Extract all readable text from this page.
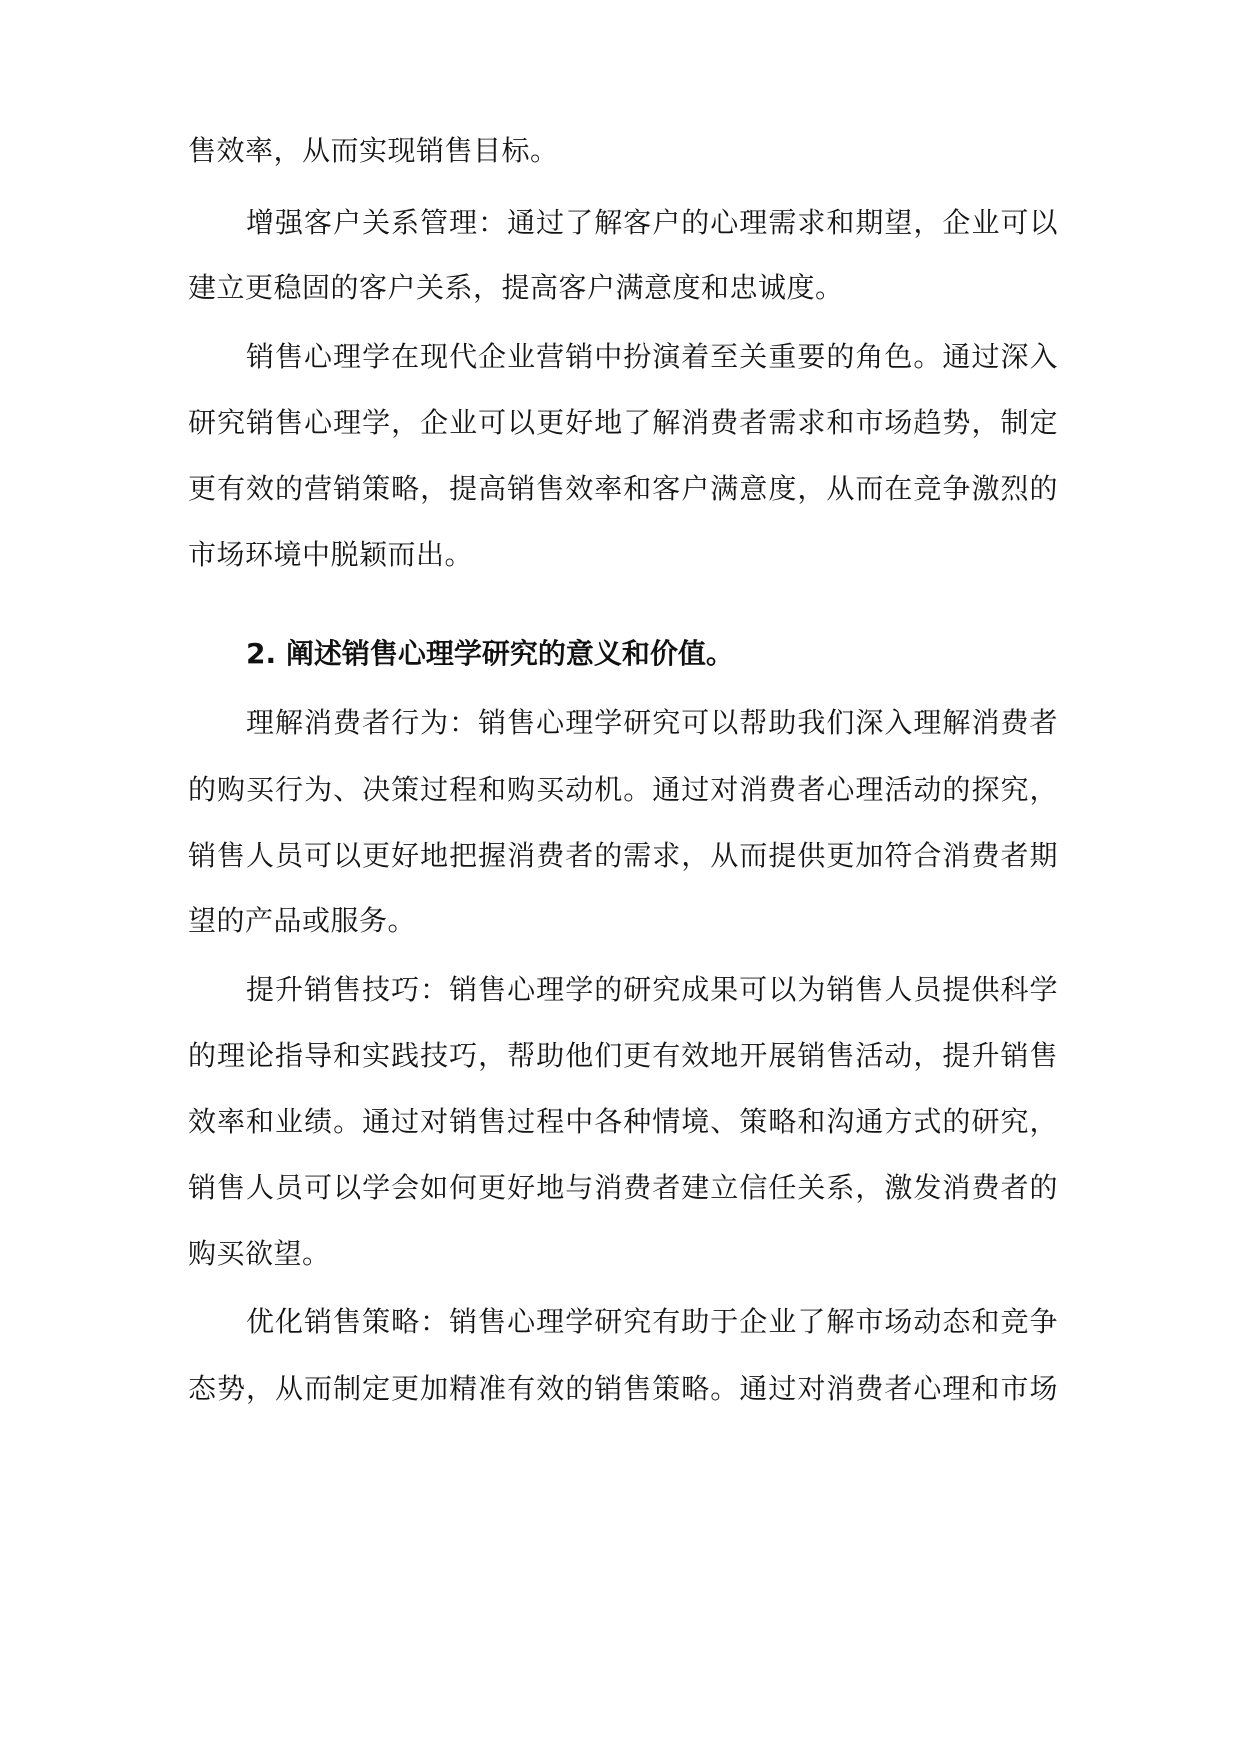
售效率，从而实现销售目标。
增强客户关系管理：通过了解客户的心理需求和期望，企业可以
建立更稳固的客户关系，提高客户满意度和忠诚度。
销售心理学在现代企业营销中扮演着至关重要的角色。通过深入
研究销售心理学，企业可以更好地了解消费者需求和市场趋势，制定
更有效的营销策略，提高销售效率和客户满意度，从而在竞争激烈的
市场环境中脱颖而出。
2. 阐述销售心理学研究的意义和价值。
理解消费者行为：销售心理学研究可以帮助我们深入理解消费者
的购买行为、决策过程和购买动机。通过对消费者心理活动的探究，
销售人员可以更好地把握消费者的需求，从而提供更加符合消费者期
望的产品或服务。
提升销售技巧：销售心理学的研究成果可以为销售人员提供科学
的理论指导和实践技巧，帮助他们更有效地开展销售活动，提升销售
效率和业绩。通过对销售过程中各种情境、策略和沟通方式的研究，
销售人员可以学会如何更好地与消费者建立信任关系，激发消费者的
购买欲望。
优化销售策略：销售心理学研究有助于企业了解市场动态和竞争
态势，从而制定更加精准有效的销售策略。通过对消费者心理和市场
